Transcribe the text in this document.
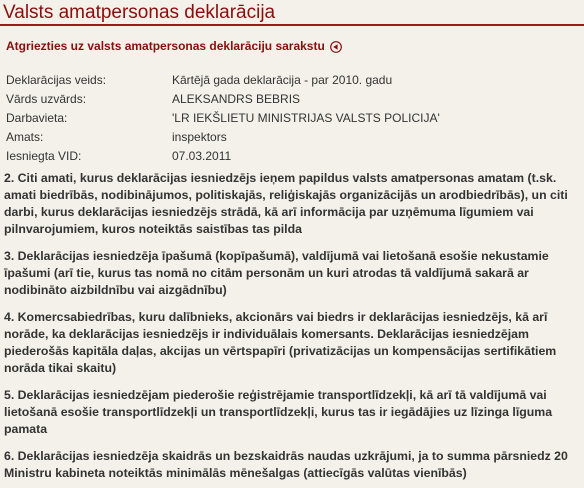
Valsts amatpersonas deklarācija
Atgriezties uz valsts amatpersonas deklarāciju sarakstu
Deklarācijas veids:	Kārtējā gada deklarācija - par 2010. gadu
Vārds uzvārds:	ALEKSANDRS BEBRIS
Darbavieta:	'LR IEKŠLIETU MINISTRIJAS VALSTS POLICIJA'
Amats:	inspektors
Iesniegta VID:	07.03.2011

2. Citi amati, kurus deklarācijas iesniedzējs ieņem papildus valsts amatpersonas amatam (t.sk. amati biedrībās, nodibinājumos, politiskajās, reliģiskajās organizācijās un arodbiedrībās), un citi darbi, kurus deklarācijas iesniedzējs strādā, kā arī informācija par uzņēmuma līgumiem vai pilnvarojumiem, kuros noteiktās saistības tas pilda

3. Deklarācijas iesniedzēja īpašumā (kopīpašumā), valdījumā vai lietošanā esošie nekustamie īpašumi (arī tie, kurus tas nomā no citām personām un kuri atrodas tā valdījumā sakarā ar nodibināto aizbildnību vai aizgādnību)

4. Komercsabiedrības, kuru dalībnieks, akcionārs vai biedrs ir deklarācijas iesniedzējs, kā arī norāde, ka deklarācijas iesniedzējs ir individuālais komersants. Deklarācijas iesniedzējam piederošās kapitāla daļas, akcijas un vērtspapīri (privatizācijas un kompensācijas sertifikātiem norāda tikai skaitu)

5. Deklarācijas iesniedzējam piederošie reģistrējamie transportlīdzekļi, kā arī tā valdījumā vai lietošanā esošie transportlīdzekļi un transportlīdzekļi, kurus tas ir iegādājies uz līzinga līguma pamata

6. Deklarācijas iesniedzēja skaidrās un bezskaidrās naudas uzkrājumi, ja to summa pārsniedz 20 Ministru kabineta noteiktās minimālās mēnešalgas (attiecīgās valūtas vienībās)
